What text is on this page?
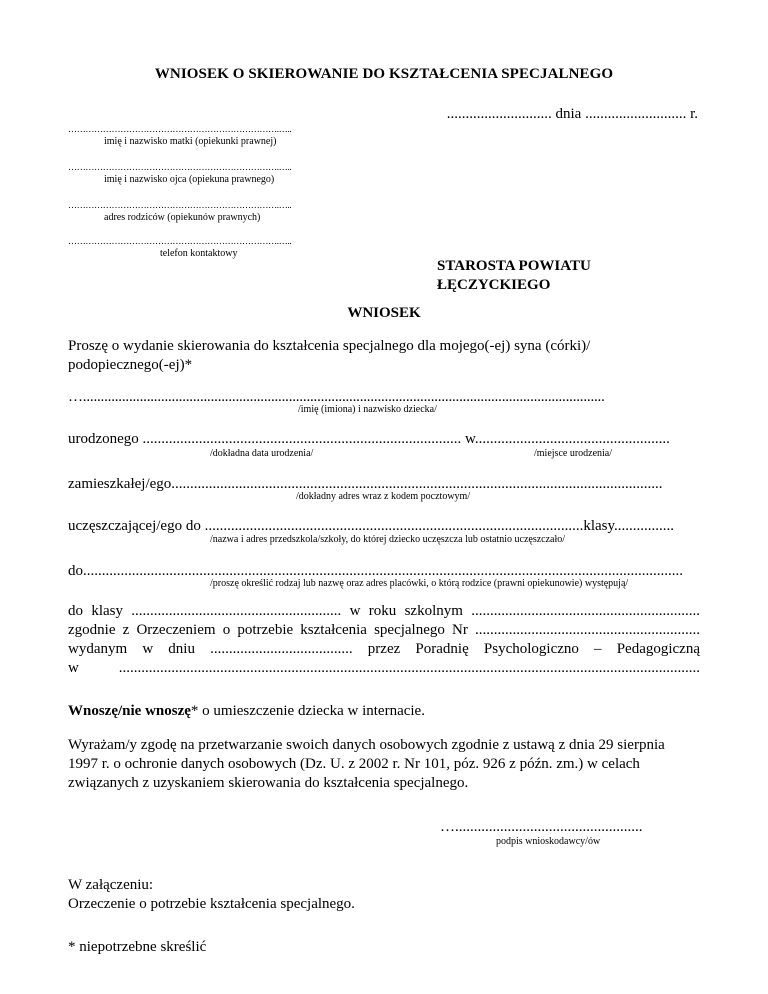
WNIOSEK O SKIEROWANIE DO KSZTAŁCENIA SPECJALNEGO
............................ dnia ........................... r.
……………………………………………………………….…..
imię i nazwisko matki (opiekunki prawnej)
……………………………………………………………….…..
imię i nazwisko ojca (opiekuna prawnego)
……………………………………………………………….…..
adres rodziców (opiekunów prawnych)
……………………………………………………………….…..
telefon kontaktowy
STAROSTA POWIATU
ŁĘCZYCKIEGO
WNIOSEK
Proszę o wydanie skierowania do kształcenia specjalnego dla mojego(-ej) syna (córki)/
podopiecznego(-ej)*
…...................................................................................................................................................
/imię (imiona) i nazwisko dziecka/
urodzonego ..................................................................................... w....................................................
/dokładna data urodzenia/	/miejsce urodzenia/
zamieszkałej/ego...................................................................................................................................
/dokładny adres wraz z kodem pocztowym/
uczęszczającej/ego do .....................................................................................................klasy................
/nazwa i adres przedszkola/szkoły, do której dziecko uczęszcza lub ostatnio uczęszczało/
do................................................................................................................................................................
/proszę określić rodzaj lub nazwę oraz adres placówki, o którą rodzice (prawni opiekunowie) występują/
do klasy ........................................................ w roku szkolnym .............................................................
zgodnie z Orzeczeniem o potrzebie kształcenia specjalnego Nr ............................................................
wydanym w dniu ...................................... przez Poradnię Psychologiczno – Pedagogiczną
w ...........................................................................................................................................................
Wnoszę/nie wnoszę* o umieszczenie dziecka w internacie.
Wyrażam/y zgodę na przetwarzanie swoich danych osobowych zgodnie z ustawą z dnia 29 sierpnia
1997 r. o ochronie danych osobowych (Dz. U. z 2002 r. Nr 101, póz. 926 z późn. zm.) w celach
związanych z uzyskaniem skierowania do kształcenia specjalnego.
…..................................................
podpis wnioskodawcy/ów
W załączeniu:
Orzeczenie o potrzebie kształcenia specjalnego.
* niepotrzebne skreślić
